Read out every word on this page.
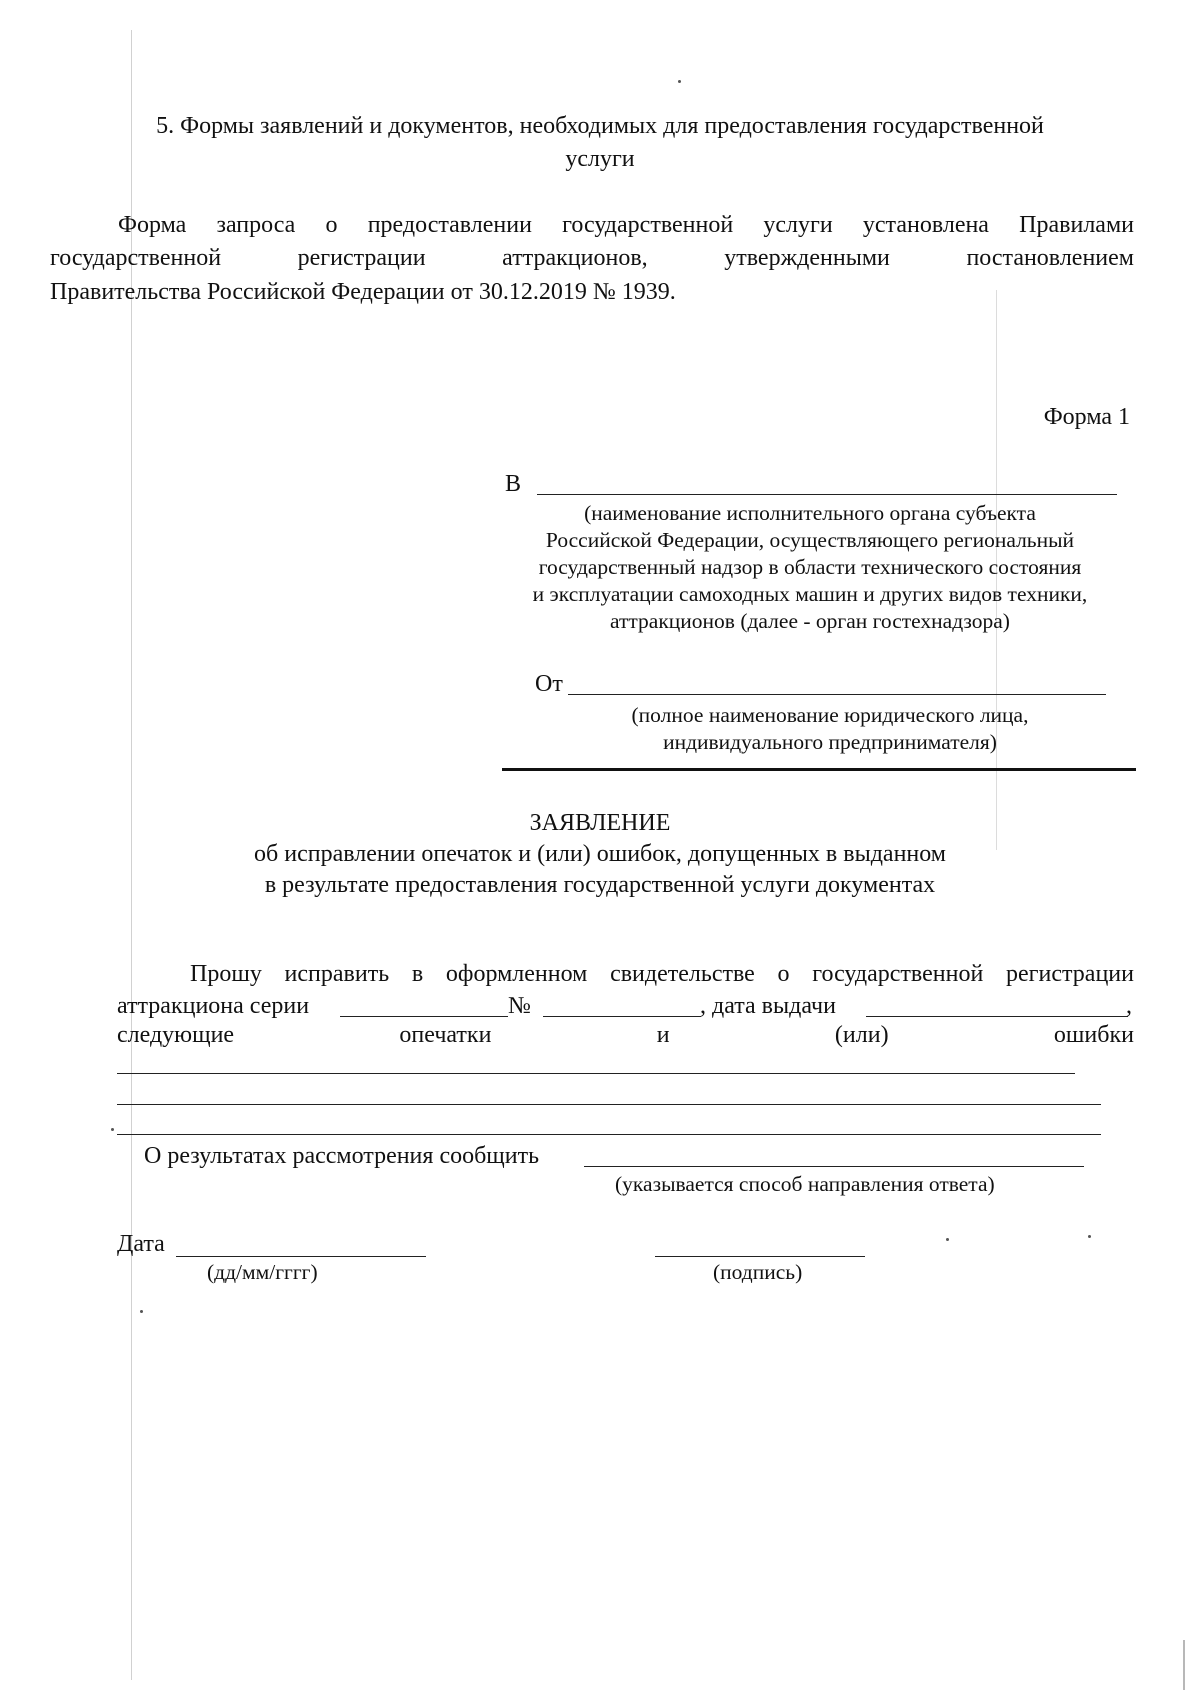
5. Формы заявлений и документов, необходимых для предоставления государственной
услуги
Форма запроса о предоставлении государственной услуги установлена Правилами
государственной	регистрации	аттракционов,	утвержденными	постановлением
Правительства Российской Федерации от 30.12.2019 № 1939.
Форма 1
В
(наименование исполнительного органа субъекта
Российской Федерации, осуществляющего региональный
государственный надзор в области технического состояния
и эксплуатации самоходных машин и других видов техники,
аттракционов (далее - орган гостехнадзора)
От
(полное наименование юридического лица,
индивидуального предпринимателя)
ЗАЯВЛЕНИЕ
об исправлении опечаток и (или) ошибок, допущенных в выданном
в результате предоставления государственной услуги документах
Прошу исправить в оформленном свидетельстве о государственной регистрации
аттракциона серии	№	, дата выдачи	,
следующие	опечатки	и	(или)	ошибки
О результатах рассмотрения сообщить
(указывается способ направления ответа)
Дата
(дд/мм/гггг)	(подпись)
